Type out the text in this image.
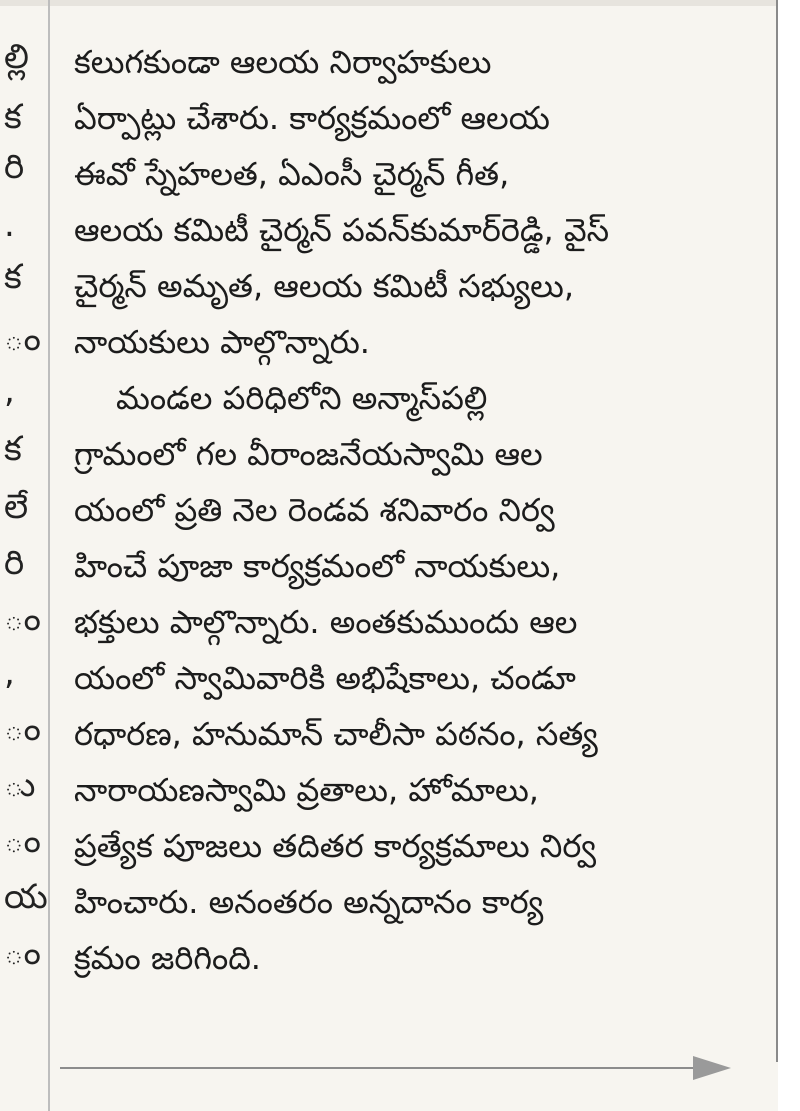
ల్లి
క
రి
.
క
ం
,
క
లే
రి
ం
,
ం
ు
ం
య
ం
కలుగకుండా ఆలయ నిర్వాహకులు
ఏర్పాట్లు చేశారు. కార్యక్రమంలో ఆలయ
ఈవో స్నేహలత, ఏఎంసీ చైర్మన్ గీత,
ఆలయ కమిటీ చైర్మన్ పవన్‌కుమార్‌రెడ్డి, వైస్
చైర్మన్ అమృత, ఆలయ కమిటీ సభ్యులు,
నాయకులు పాల్గొన్నారు.
మండల పరిధిలోని అన్మాస్‌పల్లి
గ్రామంలో గల వీరాంజనేయస్వామి ఆల
యంలో ప్రతి నెల రెండవ శనివారం నిర్వ
హించే పూజా కార్యక్రమంలో నాయకులు,
భక్తులు పాల్గొన్నారు. అంతకుముందు ఆల
యంలో స్వామివారికి అభిషేకాలు, చండూ
రధారణ, హనుమాన్ చాలీసా పఠనం, సత్య
నారాయణస్వామి వ్రతాలు, హోమాలు,
ప్రత్యేక పూజలు తదితర కార్యక్రమాలు నిర్వ
హించారు. అనంతరం అన్నదానం కార్య
క్రమం జరిగింది.
